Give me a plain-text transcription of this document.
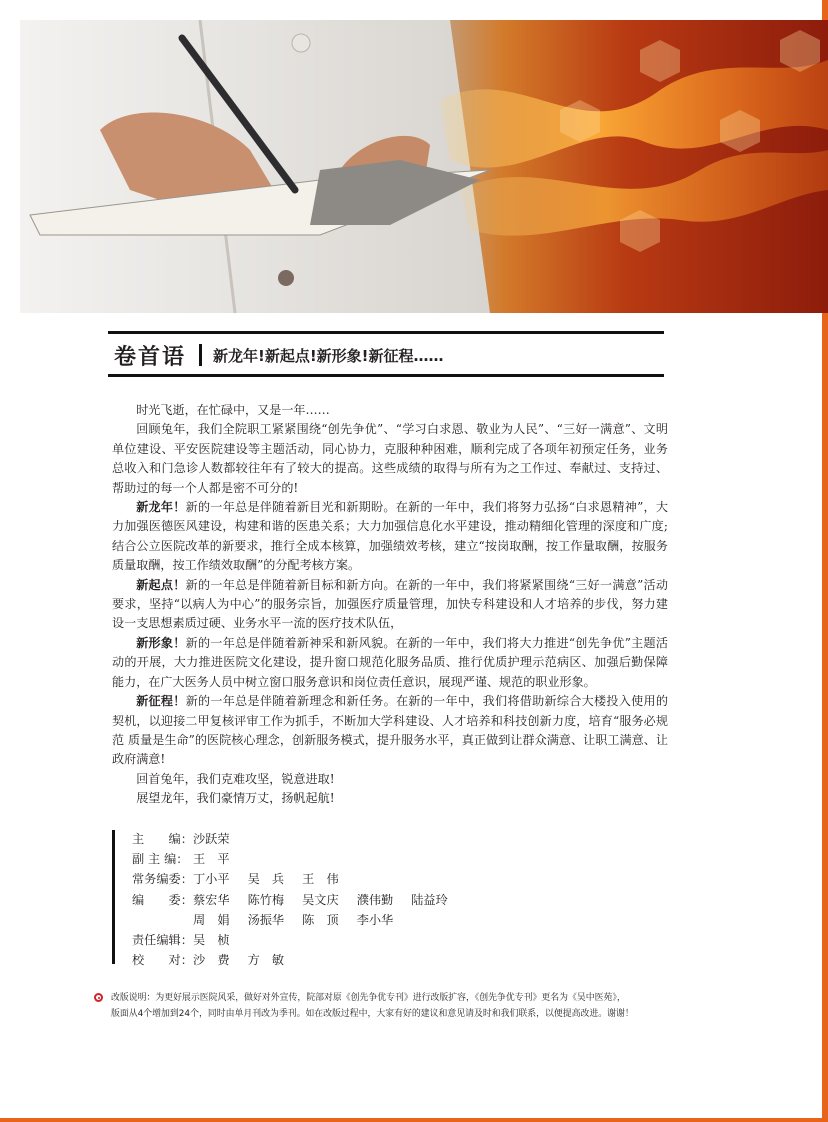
卷首语 新龙年!新起点!新形象!新征程……

时光飞逝，在忙碌中，又是一年……

回顾兔年，我们全院职工紧紧围绕“创先争优”、“学习白求恩、敬业为人民”、“三好一满意”、文明单位建设、平安医院建设等主题活动，同心协力，克服种种困难，顺利完成了各项年初预定任务，业务总收入和门急诊人数都较往年有了较大的提高。这些成绩的取得与所有为之工作过、奉献过、支持过、帮助过的每一个人都是密不可分的!

新龙年！新的一年总是伴随着新目光和新期盼。在新的一年中，我们将努力弘扬“白求恩精神”，大力加强医德医风建设，构建和谐的医患关系；大力加强信息化水平建设，推动精细化管理的深度和广度;结合公立医院改革的新要求，推行全成本核算，加强绩效考核，建立“按岗取酬，按工作量取酬，按服务质量取酬，按工作绩效取酬”的分配考核方案。

新起点！新的一年总是伴随着新目标和新方向。在新的一年中，我们将紧紧围绕“三好一满意”活动要求，坚持“以病人为中心”的服务宗旨，加强医疗质量管理，加快专科建设和人才培养的步伐，努力建设一支思想素质过硬、业务水平一流的医疗技术队伍，

新形象！新的一年总是伴随着新神采和新风貌。在新的一年中，我们将大力推进“创先争优”主题活动的开展，大力推进医院文化建设，提升窗口规范化服务品质、推行优质护理示范病区、加强后勤保障能力，在广大医务人员中树立窗口服务意识和岗位责任意识，展现严谨、规范的职业形象。

新征程！新的一年总是伴随着新理念和新任务。在新的一年中，我们将借助新综合大楼投入使用的契机，以迎接二甲复核评审工作为抓手，不断加大学科建设、人才培养和科技创新力度，培育“服务必规范 质量是生命”的医院核心理念，创新服务模式，提升服务水平，真正做到让群众满意、让职工满意、让政府满意!

回首兔年，我们克难攻坚，锐意进取!

展望龙年，我们豪情万丈，扬帆起航!

主　　编： 沙跃荣
副 主 编： 王　平
常务编委： 丁小平 吴　兵 王　伟
编　　委： 蔡宏华 陈竹梅 吴文庆 濮伟勤 陆益玲
周　娟 汤振华 陈　顶 李小华
责任编辑： 吴　桢
校　　对： 沙　费 方　敏

改版说明：为更好展示医院风采，做好对外宣传，院部对原《创先争优专刊》进行改版扩容，《创先争优专刊》更名为《吴中医苑》，

版面从4个增加到24个，同时由单月刊改为季刊。如在改版过程中，大家有好的建议和意见请及时和我们联系，以便提高改进。谢谢！
